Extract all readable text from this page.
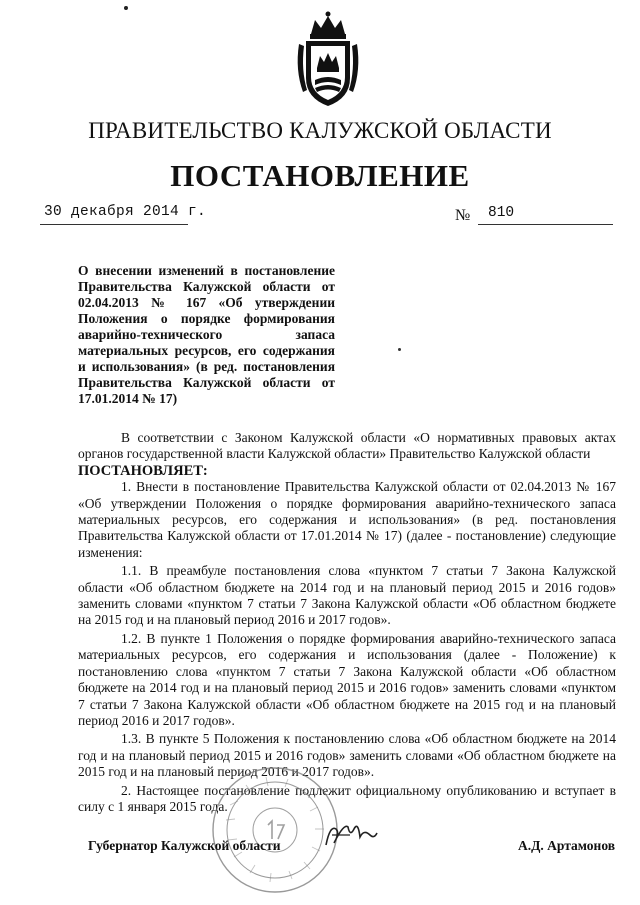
ПРАВИТЕЛЬСТВО КАЛУЖСКОЙ ОБЛАСТИ
ПОСТАНОВЛЕНИЕ
30 декабря 2014 г.	№ 810

О внесении изменений в постановление Правительства Калужской области от 02.04.2013 № 167 «Об утверждении Положения о порядке формирования аварийно-технического запаса материальных ресурсов, его содержания и использования» (в ред. постановления Правительства Калужской области от 17.01.2014 № 17)

В соответствии с Законом Калужской области «О нормативных правовых актах органов государственной власти Калужской области» Правительство Калужской области

ПОСТАНОВЛЯЕТ:

1. Внести в постановление Правительства Калужской области от 02.04.2013 № 167 «Об утверждении Положения о порядке формирования аварийно-технического запаса материальных ресурсов, его содержания и использования» (в ред. постановления Правительства Калужской области от 17.01.2014 № 17) (далее - постановление) следующие изменения:

1.1. В преамбуле постановления слова «пунктом 7 статьи 7 Закона Калужской области «Об областном бюджете на 2014 год и на плановый период 2015 и 2016 годов» заменить словами «пунктом 7 статьи 7 Закона Калужской области «Об областном бюджете на 2015 год и на плановый период 2016 и 2017 годов».

1.2. В пункте 1 Положения о порядке формирования аварийно-технического запаса материальных ресурсов, его содержания и использования (далее - Положение) к постановлению слова «пунктом 7 статьи 7 Закона Калужской области «Об областном бюджете на 2014 год и на плановый период 2015 и 2016 годов» заменить словами «пунктом 7 статьи 7 Закона Калужской области «Об областном бюджете на 2015 год и на плановый период 2016 и 2017 годов».

1.3. В пункте 5 Положения к постановлению слова «Об областном бюджете на 2014 год и на плановый период 2015 и 2016 годов» заменить словами «Об областном бюджете на 2015 год и на плановый период 2016 и 2017 годов».

2. Настоящее постановление подлежит официальному опубликованию и вступает в силу с 1 января 2015 года.

Губернатор Калужской области	А.Д. Артамонов
